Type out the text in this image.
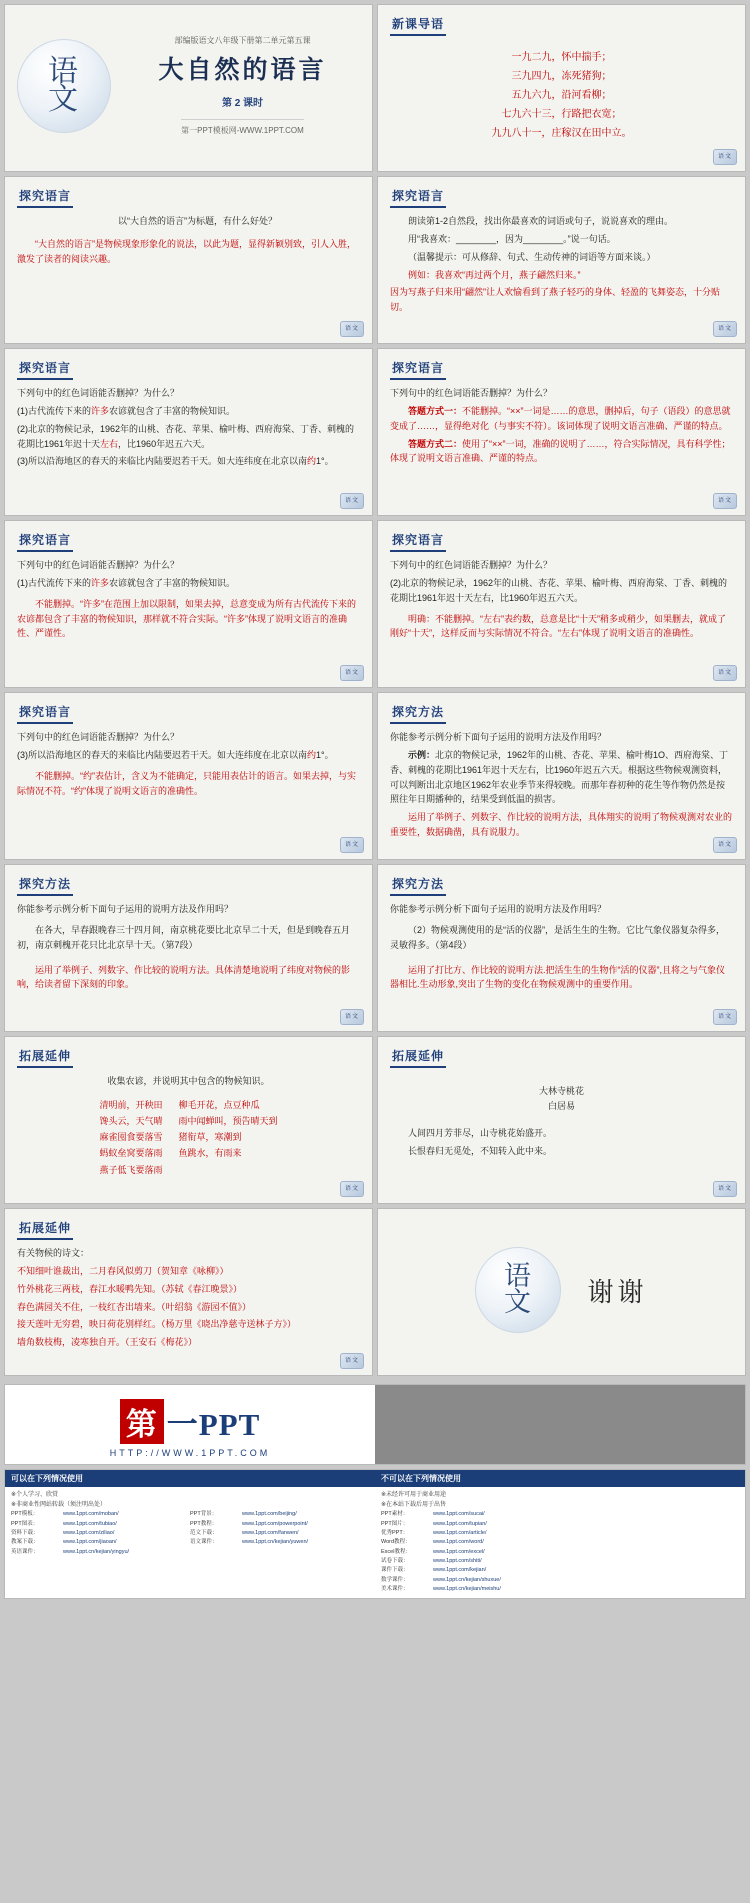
语
文
部编版语文八年级下册第二单元第五课
大自然的语言
第 2 课时
第一PPT模板网-WWW.1PPT.COM
新课导语
一九二九，怀中揣手；
三九四九，冻死猪狗；
五九六九，沿河看柳；
七九六十三，行路把衣宽；
九九八十一，庄稼汉在田中立。
语文
探究语言

以“大自然的语言”为标题，有什么好处？

“大自然的语言”是物候现象形象化的说法，以此为题，显得新颖别致，引人入胜，激发了读者的阅读兴趣。

语文
探究语言

朗读第1-2自然段，找出你最喜欢的词语或句子，说说喜欢的理由。

用“我喜欢：________，因为________。”说一句话。

（温馨提示：可从修辞、句式、生动传神的词语等方面来谈。）

例如：我喜欢“再过两个月，燕子翩然归来。”

因为写燕子归来用“翩然”让人欢愉看到了燕子轻巧的身体、轻盈的飞舞姿态，十分贴切。

语文
探究语言

下列句中的红色词语能否删掉？为什么？

(1)古代流传下来的许多农谚就包含了丰富的物候知识。

(2)北京的物候记录，1962年的山桃、杏花、苹果、榆叶梅、西府海棠、丁香、刺槐的花期比1961年迟十天左右，比1960年迟五六天。

(3)所以沿海地区的春天的来临比内陆要迟若干天。如大连纬度在北京以南约1°。

语文
探究语言

下列句中的红色词语能否删掉？为什么？

答题方式一：不能删掉。“××”一词是……的意思，删掉后，句子（语段）的意思就变成了……，显得绝对化（与事实不符）。该词体现了说明文语言准确、严谨的特点。

答题方式二：使用了“××”一词，准确的说明了……，符合实际情况，具有科学性；体现了说明文语言准确、严谨的特点。

语文
探究语言

下列句中的红色词语能否删掉？为什么？

(1)古代流传下来的许多农谚就包含了丰富的物候知识。

不能删掉。“许多”在范围上加以限制，如果去掉，总意变成为所有古代流传下来的农谚都包含了丰富的物候知识，那样就不符合实际。“许多”体现了说明文语言的准确性、严谨性。

语文
探究语言

下列句中的红色词语能否删掉？为什么？

(2)北京的物候记录，1962年的山桃、杏花、苹果、榆叶梅、西府海棠、丁香、刺槐的花期比1961年迟十天左右，比1960年迟五六天。

明确：不能删掉。“左右”表约数，总意是比“十天”稍多或稍少，如果删去，就成了刚好“十天”，这样反而与实际情况不符合。“左右”体现了说明文语言的准确性。

语文
探究语言

下列句中的红色词语能否删掉？为什么？

(3)所以沿海地区的春天的来临比内陆要迟若干天。如大连纬度在北京以南约1°。

不能删掉。“约”表估计，含义为不能确定，只能用表估计的语言。如果去掉，与实际情况不符。“约”体现了说明文语言的准确性。

语文
探究方法

你能参考示例分析下面句子运用的说明方法及作用吗？

示例：北京的物候记录，1962年的山桃、杏花、苹果、榆叶梅1O、西府海棠、丁香、刺槐的花期比1961年迟十天左右，比1960年迟五六天。根据这些物候观测资料，可以判断出北京地区1962年农业季节来得较晚。而那年春初种的花生等作物仍然是按照往年日期播种的，结果受到低温的损害。

运用了举例子、列数字、作比较的说明方法，具体翔实的说明了物候观测对农业的重要性，数据确凿，具有说服力。

语文
探究方法

你能参考示例分析下面句子运用的说明方法及作用吗？

在各大，早春跟晚春三十四月间，南京桃花要比北京早二十天，但是到晚春五月初，南京刺槐开花只比北京早十天。（第7段）

运用了举例子、列数字、作比较的说明方法。具体清楚地说明了纬度对物候的影响，给读者留下深刻的印象。

语文
探究方法

你能参考示例分析下面句子运用的说明方法及作用吗？

（2）物候观测使用的是“活的仪器”，是活生生的生物。它比气象仪器复杂得多，灵敏得多。（第4段）

运用了打比方、作比较的说明方法.把活生生的生物作“活的仪器”,且将之与气象仪器相比.生动形象,突出了生物的变化在物候观测中的重要作用。

语文
拓展延伸
收集农谚，并说明其中包含的物候知识。
清明前，开秧田
馋头云，天气晴
麻雀囤食要落雪
蚂蚁垒窝要落雨
燕子低飞要落雨
柳毛开花，点豆种瓜
雨中闻蝉叫，预告晴天到
猪衔草，寒潮到
鱼跳水，有雨来
语文
拓展延伸
大林寺桃花
白居易

人间四月芳菲尽，山寺桃花始盛开。

长恨春归无觅处，不知转入此中来。

语文
拓展延伸

有关物候的诗文：

不知细叶谁裁出，二月春风似剪刀（贺知章《咏柳》）

竹外桃花三两枝，春江水暖鸭先知。（苏轼《春江晚景》）

春色满园关不住，一枝红杏出墙来。（叶绍翁《游园不值》）

接天莲叶无穷碧，映日荷花别样红。（杨万里《晓出净慈寺送林子方》）

墙角数枝梅，凌寒独自开。（王安石《梅花》）

语文
语
文 谢谢
第 一PPT
HTTP://WWW.1PPT.COM
可以在下列情况使用
※个人学习、欣赏
※非商业性网站转载（须注明出处）
PPT模板：	www.1ppt.com/moban/	PPT背景：	www.1ppt.com/beijing/
PPT图表：	www.1ppt.com/tubiao/	PPT教程：	www.1ppt.com/powerpoint/
资料下载：	www.1ppt.com/ziliao/	范文下载：	www.1ppt.com/fanwen/
教案下载：	www.1ppt.com/jiaoan/	语文课件：	www.1ppt.cn/kejian/yuwen/
英语课件：	www.1ppt.cn/kejian/yingyu/
不可以在下列情况使用
※未经许可用于商业用途
※在本站下载后用于出售
PPT素材：	www.1ppt.com/sucai/
PPT图片：	www.1ppt.com/tupian/
优秀PPT：	www.1ppt.com/article/
Word教程：	www.1ppt.com/word/
Excel教程：	www.1ppt.com/excel/
试卷下载：	www.1ppt.com/shiti/
课件下载：	www.1ppt.com/kejian/
数学课件：	www.1ppt.cn/kejian/shuxue/
美术课件：	www.1ppt.cn/kejian/meishu/
